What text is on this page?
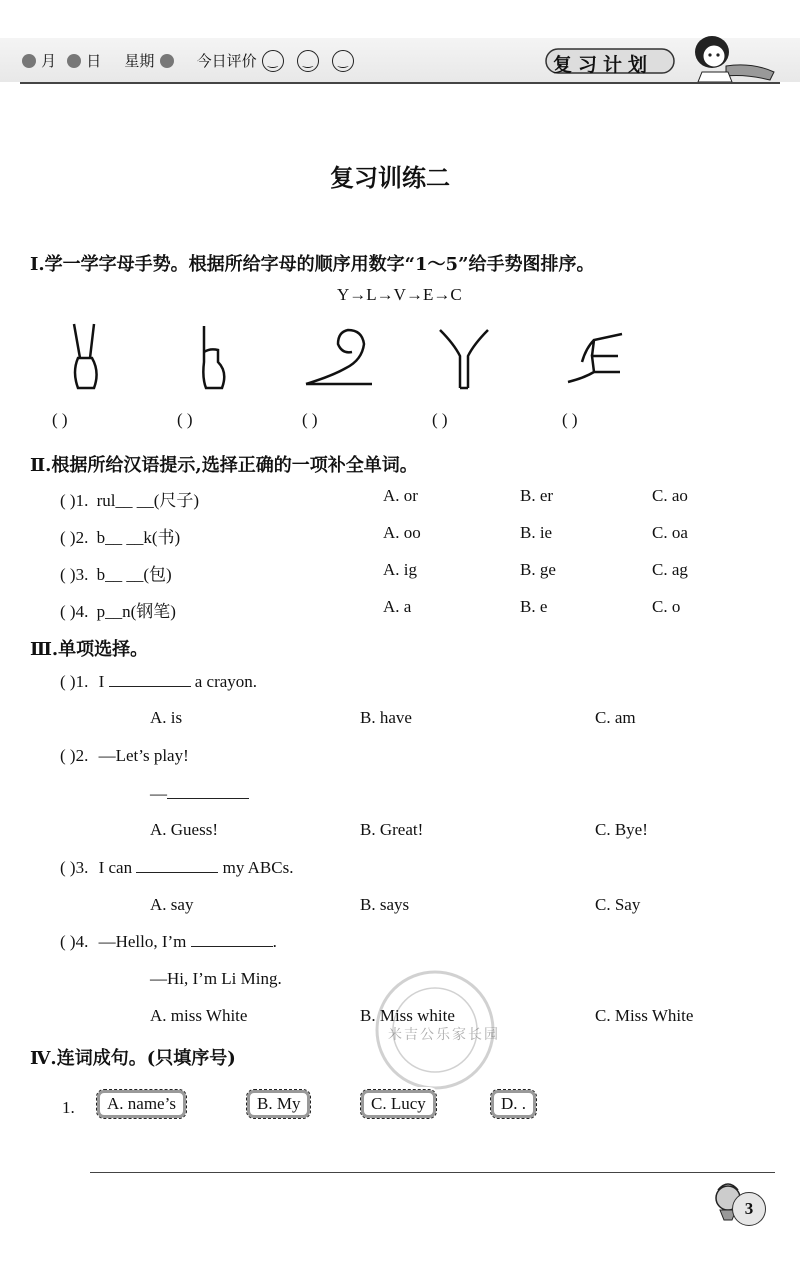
月 日 星期	今日评价 ‿ ‿ ‿	复习计划
复习训练二
Ⅰ.学一学字母手势。根据所给字母的顺序用数字“1～5”给手势图排序。
Y→L→V→E→C
( )	( )	( )	( )	( )
Ⅱ.根据所给汉语提示,选择正确的一项补全单词。
( )1. rul__ __(尺子)	A. or	B. er	C. ao
( )2. b__ __k(书)	A. oo	B. ie	C. oa
( )3. b__ __(包)	A. ig	B. ge	C. ag
( )4. p__n(钢笔)	A. a	B. e	C. o
Ⅲ.单项选择。
( )1. I	a crayon.
A. is	B. have	C. am
( )2. —Let’s play!
—
A. Guess!	B. Great!	C. Bye!
( )3. I can	my ABCs.
A. say	B. says	C. Say
( )4. —Hello, I’m	.
—Hi, I’m Li Ming.
A. miss White	B. Miss white	C. Miss White
米吉公乐家长园
Ⅳ.连词成句。(只填序号)
1.	A. name’s	B. My	C. Lucy	D. .
3
